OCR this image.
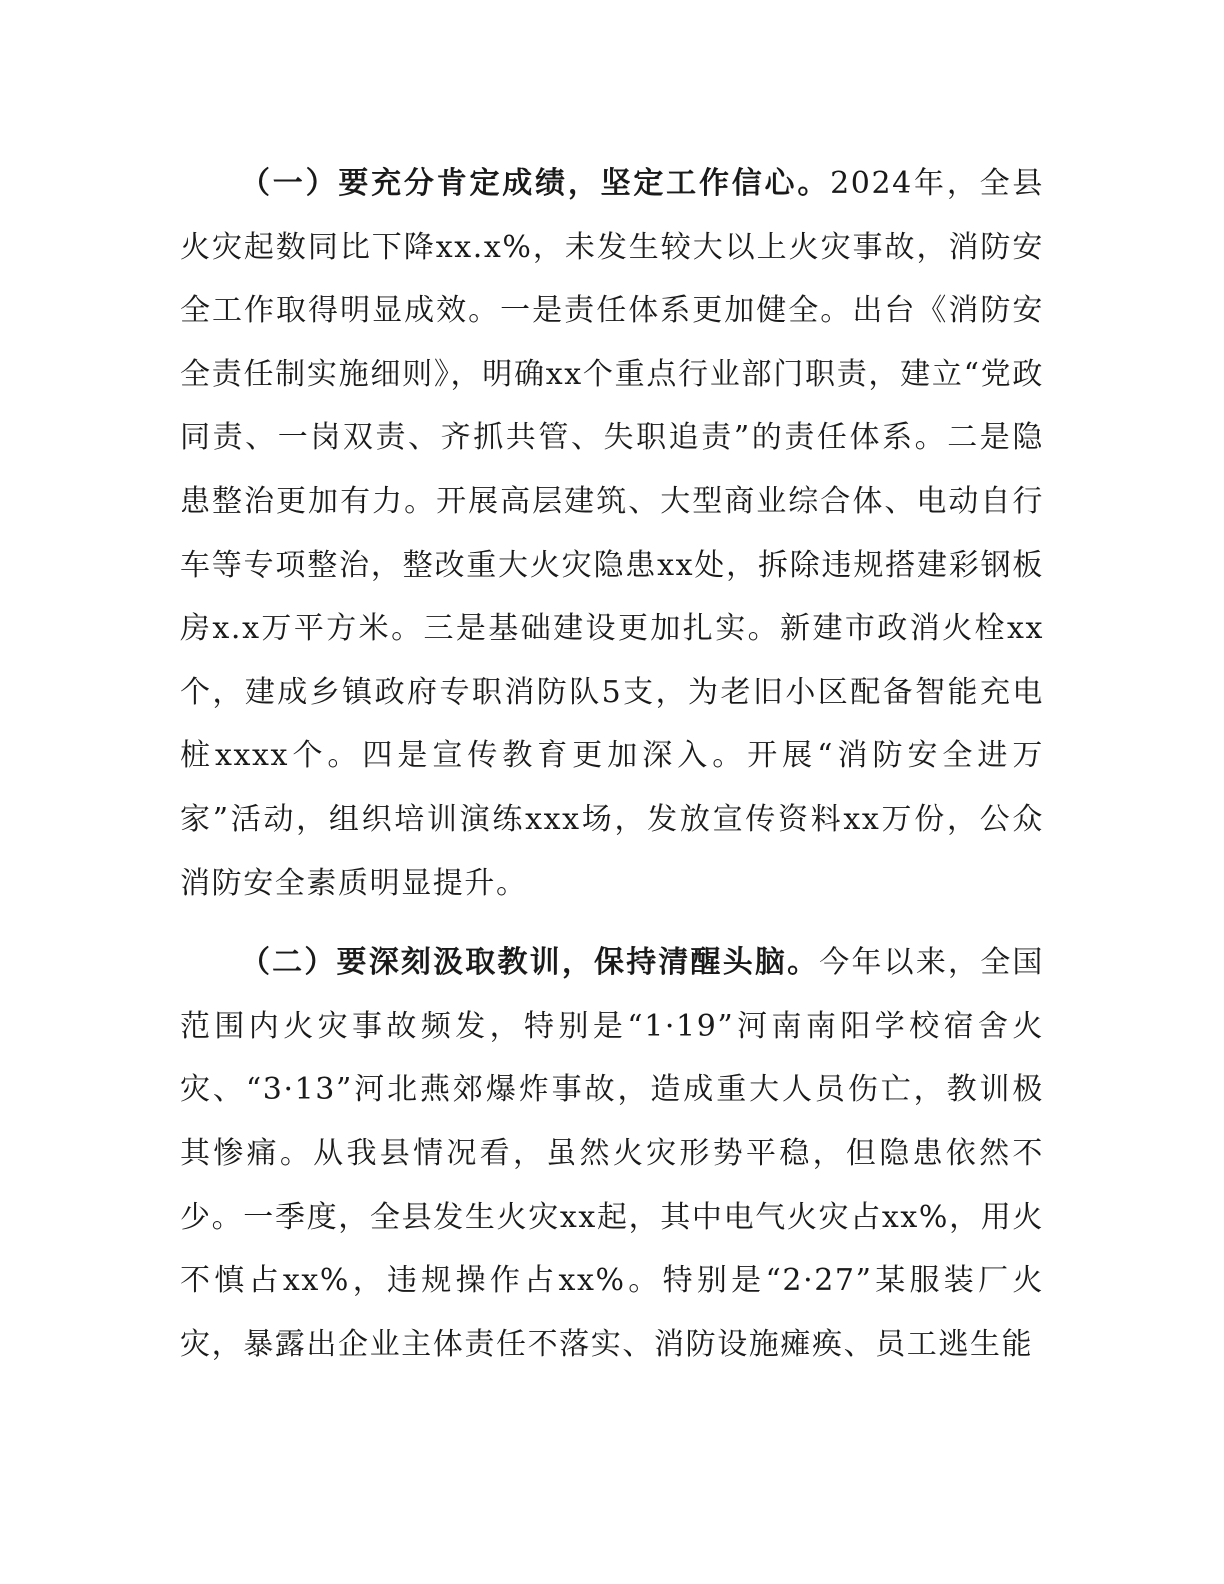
（一）要充分肯定成绩，坚定工作信心。2024年，全县火灾起数同比下降xx.x%，未发生较大以上火灾事故，消防安全工作取得明显成效。一是责任体系更加健全。出台《消防安全责任制实施细则》，明确xx个重点行业部门职责，建立“党政同责、一岗双责、齐抓共管、失职追责”的责任体系。二是隐患整治更加有力。开展高层建筑、大型商业综合体、电动自行车等专项整治，整改重大火灾隐患xx处，拆除违规搭建彩钢板房x.x万平方米。三是基础建设更加扎实。新建市政消火栓xx个，建成乡镇政府专职消防队5支，为老旧小区配备智能充电桩xxxx个。四是宣传教育更加深入。开展“消防安全进万家”活动，组织培训演练xxx场，发放宣传资料xx万份，公众消防安全素质明显提升。

（二）要深刻汲取教训，保持清醒头脑。今年以来，全国范围内火灾事故频发，特别是“1·19”河南南阳学校宿舍火灾、“3·13”河北燕郊爆炸事故，造成重大人员伤亡，教训极其惨痛。从我县情况看，虽然火灾形势平稳，但隐患依然不少。一季度，全县发生火灾xx起，其中电气火灾占xx%，用火不慎占xx%，违规操作占xx%。特别是“2·27”某服装厂火灾，暴露出企业主体责任不落实、消防设施瘫痪、员工逃生能
